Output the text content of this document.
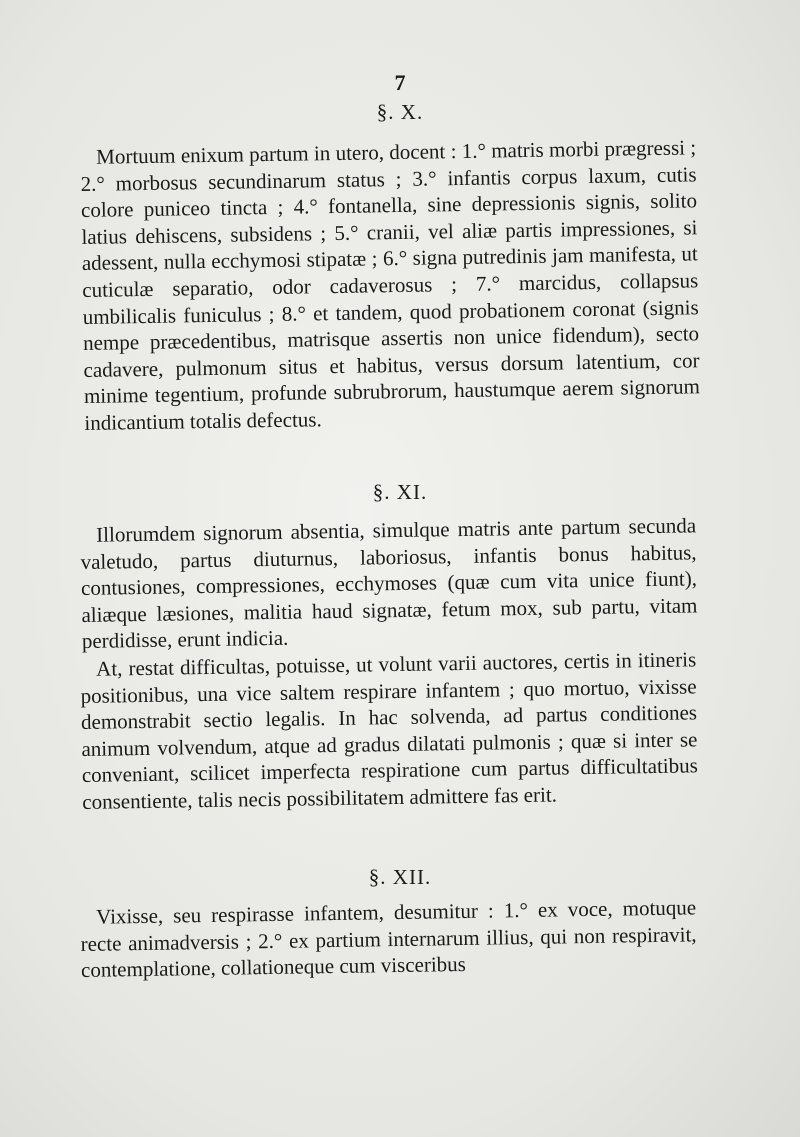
7
§. X.

Mortuum enixum partum in utero, docent : 1.° matris morbi prægressi ; 2.° morbosus secundinarum status ; 3.° infantis corpus laxum, cutis colore puniceo tincta ; 4.° fontanella, sine depressionis signis, solito latius dehiscens, subsidens ; 5.° cranii, vel aliæ partis impressiones, si adessent, nulla ecchymosi stipatæ ; 6.° signa putredinis jam manifesta, ut cuticulæ separatio, odor cadaverosus ; 7.° marcidus, collapsus umbilicalis funiculus ; 8.° et tandem, quod probationem coronat (signis nempe præcedentibus, matrisque assertis non unice fidendum), secto cadavere, pulmonum situs et habitus, versus dorsum latentium, cor minime tegentium, profunde subrubrorum, haustumque aerem signorum indicantium totalis defectus.

§. XI.

Illorumdem signorum absentia, simulque matris ante partum secunda valetudo, partus diuturnus, laboriosus, infantis bonus habitus, contusiones, compressiones, ecchymoses (quæ cum vita unice fiunt), aliæque læsiones, malitia haud signatæ, fetum mox, sub partu, vitam perdidisse, erunt indicia.

At, restat difficultas, potuisse, ut volunt varii auctores, certis in itineris positionibus, una vice saltem respirare infantem ; quo mortuo, vixisse demonstrabit sectio legalis. In hac solvenda, ad partus conditiones animum volvendum, atque ad gradus dilatati pulmonis ; quæ si inter se conveniant, scilicet imperfecta respiratione cum partus difficultatibus consentiente, talis necis possibilitatem admittere fas erit.

§. XII.

Vixisse, seu respirasse infantem, desumitur : 1.° ex voce, motuque recte animadversis ; 2.° ex partium internarum illius, qui non respiravit, contemplatione, collationeque cum visceribus
